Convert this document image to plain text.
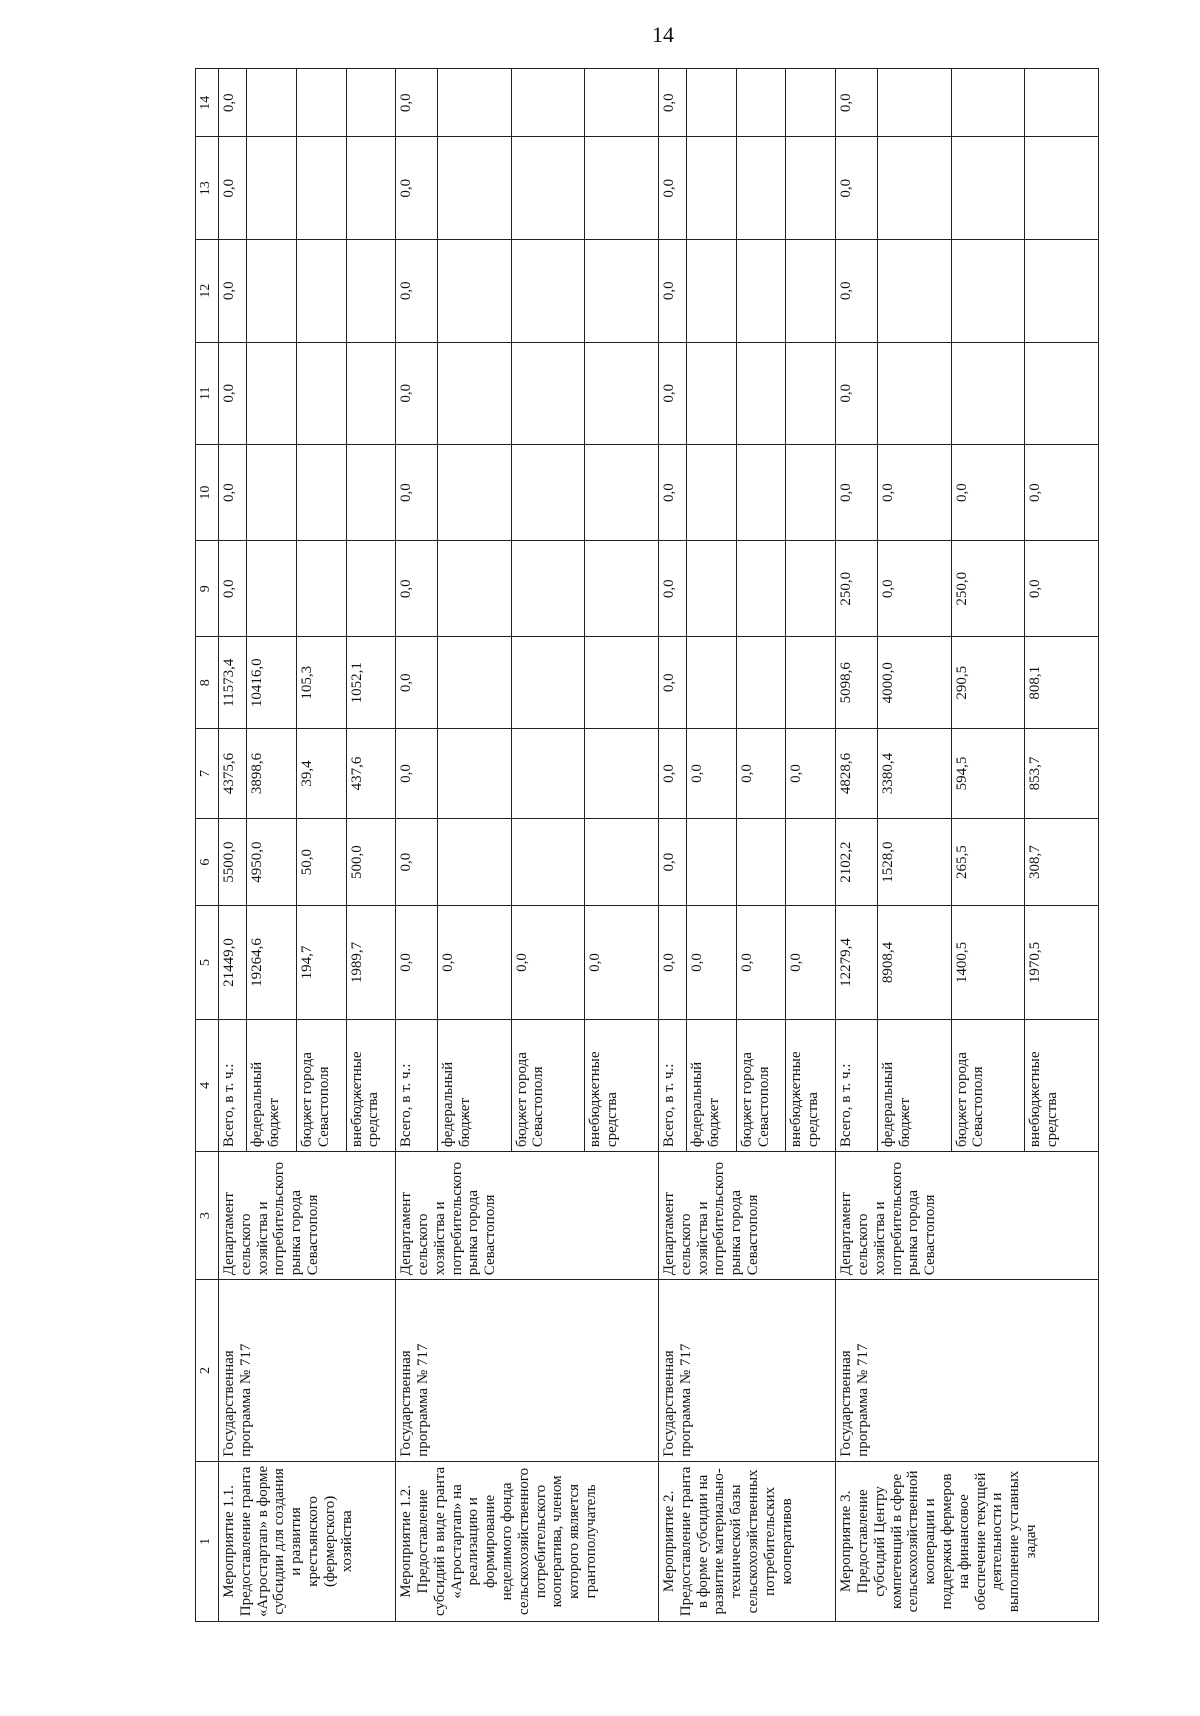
14
1	2	3	4	5	6	7	8	9	10	11	12	13	14
Мероприятие 1.1. Предоставление гранта «Агростартап» в форме субсидии для создания и развития крестьянского (фермерского) хозяйства	Государственная программа № 717	Департамент сельского хозяйства и потребительского рынка города Севастополя	Всего, в т. ч.:	21449,0	5500,0	4375,6	11573,4	0,0	0,0	0,0	0,0	0,0	0,0
			федеральный бюджет	19264,6	4950,0	3898,6	10416,0						
			бюджет города Севастополя	194,7	50,0	39,4	105,3						
			внебюджетные средства	1989,7	500,0	437,6	1052,1						
Мероприятие 1.2. Предоставление субсидий в виде гранта «Агростартап» на реализацию и формирование неделимого фонда сельскохозяйственного потребительского кооператива, членом которого является грантополучатель	Государственная программа № 717	Департамент сельского хозяйства и потребительского рынка города Севастополя	Всего, в т. ч.:	0,0	0,0	0,0	0,0	0,0	0,0	0,0	0,0	0,0	0,0
			федеральный бюджет	0,0									
			бюджет города Севастополя	0,0									
			внебюджетные средства	0,0									
Мероприятие 2. Предоставление гранта в форме субсидии на развитие материально-технической базы сельскохозяйственных потребительских кооперативов	Государственная программа № 717	Департамент сельского хозяйства и потребительского рынка города Севастополя	Всего, в т. ч.:	0,0	0,0	0,0	0,0	0,0	0,0	0,0	0,0	0,0	0,0
			федеральный бюджет	0,0		0,0							
			бюджет города Севастополя	0,0		0,0							
			внебюджетные средства	0,0		0,0							
Мероприятие 3. Предоставление субсидий Центру компетенций в сфере сельскохозяйственной кооперации и поддержки фермеров на финансовое обеспечение текущей деятельности и выполнение уставных задач	Государственная программа № 717	Департамент сельского хозяйства и потребительского рынка города Севастополя	Всего, в т. ч.:	12279,4	2102,2	4828,6	5098,6	250,0	0,0	0,0	0,0	0,0	0,0
			федеральный бюджет	8908,4	1528,0	3380,4	4000,0	0,0	0,0				
			бюджет города Севастополя	1400,5	265,5	594,5	290,5	250,0	0,0				
			внебюджетные средства	1970,5	308,7	853,7	808,1	0,0	0,0				
